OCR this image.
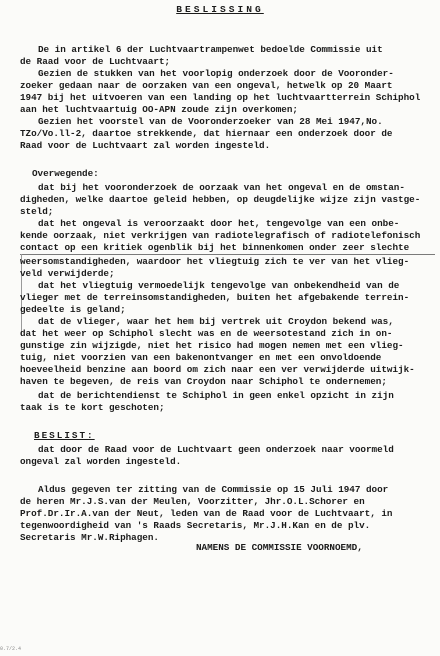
BESLISSING
De in artikel 6 der Luchtvaartrampenwet bedoelde Commissie uit
de Raad voor de Luchtvaart;
Gezien de stukken van het voorlopig onderzoek door de Vooronder-
zoeker gedaan naar de oorzaken van een ongeval, hetwelk op 20 Maart
1947 bij het uitvoeren van een landing op het luchtvaartterrein Schiphol
aan het luchtvaartuig OO-APN zoude zijn overkomen;
Gezien het voorstel van de Vooronderzoeker van 28 Mei 1947,No.
TZo/Vo.ll-2, daartoe strekkende, dat hiernaar een onderzoek door de
Raad voor de Luchtvaart zal worden ingesteld.
Overwegende:
dat bij het vooronderzoek de oorzaak van het ongeval en de omstan-
digheden, welke daartoe geleid hebben, op deugdelijke wijze zijn vastge-
steld;
dat het ongeval is veroorzaakt door het, tengevolge van een onbe-
kende oorzaak, niet verkrijgen van radiotelegrafisch of radiotelefonisch
contact op een kritiek ogenblik bij het binnenkomen onder zeer slechte
weersomstandigheden, waardoor het vliegtuig zich te ver van het vlieg-
veld verwijderde;
dat het vliegtuig vermoedelijk tengevolge van onbekendheid van de
vlieger met de terreinsomstandigheden, buiten het afgebakende terrein-
gedeelte is geland;
dat de vlieger, waar het hem bij vertrek uit Croydon bekend was,
dat het weer op Schiphol slecht was en de weersotestand zich in on-
gunstige zin wijzigde, niet het risico had mogen nemen met een vlieg-
tuig, niet voorzien van een bakenontvanger en met een onvoldoende
hoeveelheid benzine aan boord om zich naar een ver verwijderde uitwijk-
haven te begeven, de reis van Croydon naar Schiphol te ondernemen;
dat de berichtendienst te Schiphol in geen enkel opzicht in zijn
taak is te kort geschoten;
BESLIST:
dat door de Raad voor de Luchtvaart geen onderzoek naar voormeld
ongeval zal worden ingesteld.
Aldus gegeven ter zitting van de Commissie op 15 Juli 1947 door
de heren Mr.J.S.van der Meulen, Voorzitter, Jhr.O.L.Schorer en
Prof.Dr.Ir.A.van der Neut, leden van de Raad voor de Luchtvaart, in
tegenwoordigheid van 's Raads Secretaris, Mr.J.H.Kan en de plv.
Secretaris Mr.W.Riphagen.
NAMENS DE COMMISSIE VOORNOEMD,
0.7/2.4
